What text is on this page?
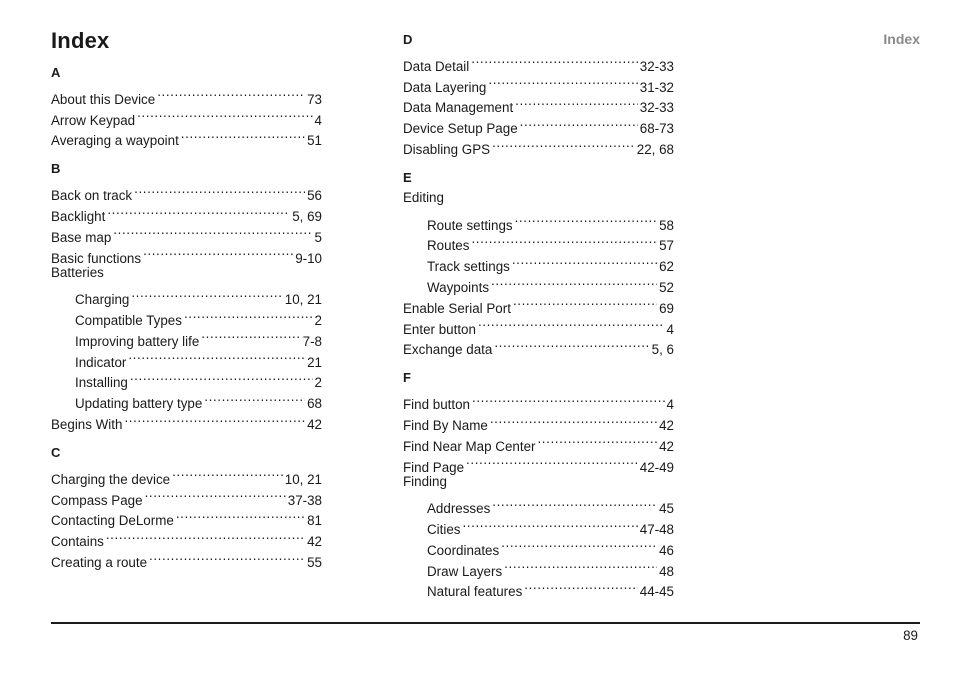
Index	Index
A
About this Device .....	73
Arrow Keypad .....	4
Averaging a waypoint .....	51
B
Back on track .....	56
Backlight .....	5, 69
Base map .....	5
Basic functions .....	9-10
Batteries
Charging .....	10, 21
Compatible Types .....	2
Improving battery life .....	7-8
Indicator .....	21
Installing .....	2
Updating battery type .....	68
Begins With .....	42
C
Charging the device .....	10, 21
Compass Page .....	37-38
Contacting DeLorme .....	81
Contains .....	42
Creating a route .....	55
D
Data Detail .....	32-33
Data Layering .....	31-32
Data Management .....	32-33
Device Setup Page .....	68-73
Disabling GPS .....	22, 68
E
Editing
Route settings .....	58
Routes .....	57
Track settings .....	62
Waypoints .....	52
Enable Serial Port .....	69
Enter button .....	4
Exchange data .....	5, 6
F
Find button .....	4
Find By Name .....	42
Find Near Map Center .....	42
Find Page .....	42-49
Finding
Addresses .....	45
Cities .....	47-48
Coordinates .....	46
Draw Layers .....	48
Natural features .....	44-45
89
